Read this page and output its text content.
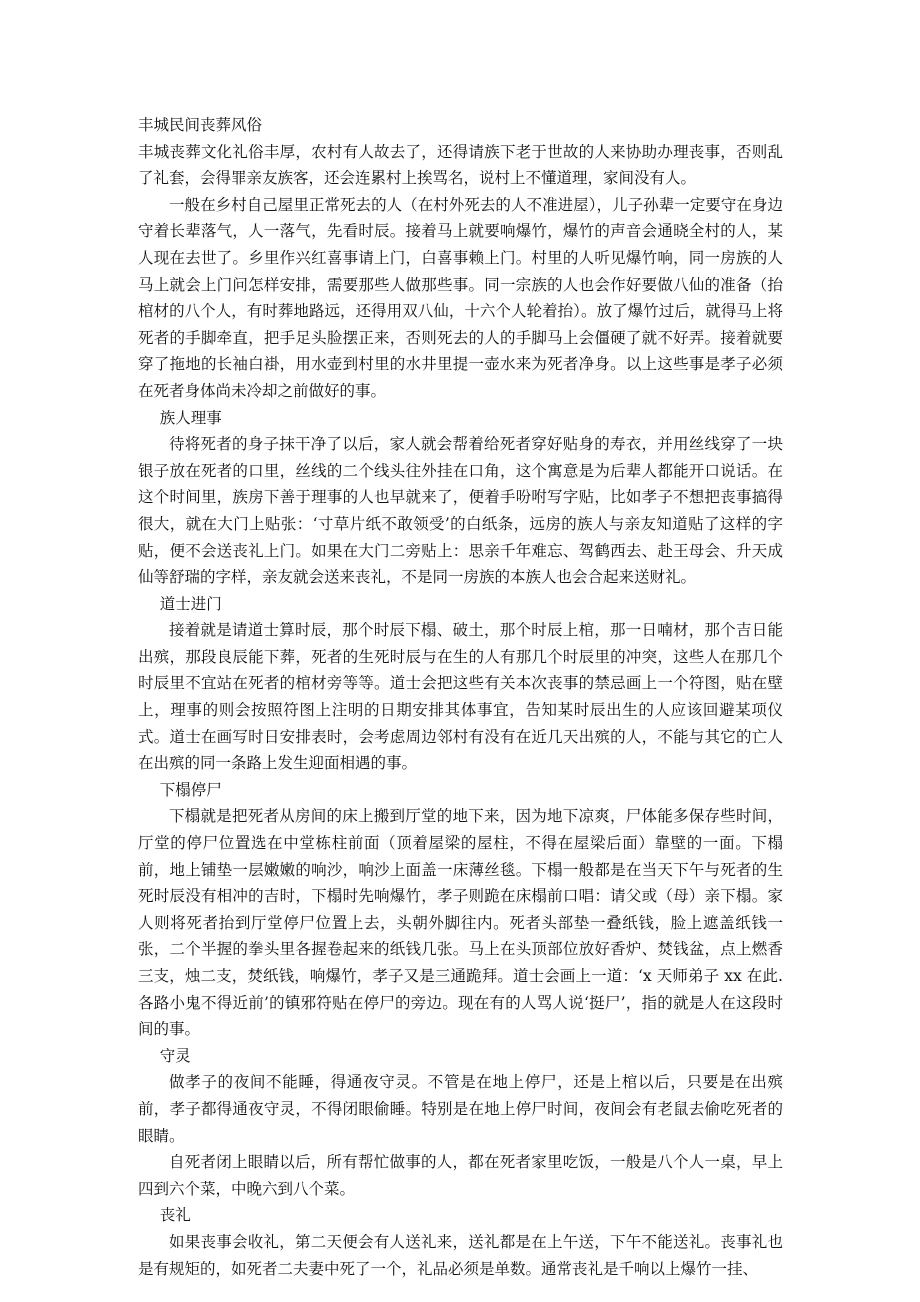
丰城民间丧葬风俗

丰城丧葬文化礼俗丰厚，农村有人故去了，还得请族下老于世故的人来协助办理丧事，否则乱了礼套，会得罪亲友族客，还会连累村上挨骂名，说村上不懂道理，家间没有人。

一般在乡村自己屋里正常死去的人（在村外死去的人不准进屋），儿子孙辈一定要守在身边守着长辈落气，人一落气，先看时辰。接着马上就要响爆竹，爆竹的声音会通晓全村的人，某人现在去世了。乡里作兴红喜事请上门，白喜事赖上门。村里的人听见爆竹响，同一房族的人马上就会上门问怎样安排，需要那些人做那些事。同一宗族的人也会作好要做八仙的准备（抬棺材的八个人，有时葬地路远，还得用双八仙，十六个人轮着抬）。放了爆竹过后，就得马上将死者的手脚牵直，把手足头脸摆正来，否则死去的人的手脚马上会僵硬了就不好弄。接着就要穿了拖地的长袖白褂，用水壶到村里的水井里提一壶水来为死者净身。以上这些事是孝子必须在死者身体尚未冷却之前做好的事。

族人理事

待将死者的身子抹干净了以后，家人就会帮着给死者穿好贴身的寿衣，并用丝线穿了一块银子放在死者的口里，丝线的二个线头往外挂在口角，这个寓意是为后辈人都能开口说话。在这个时间里，族房下善于理事的人也早就来了，便着手吩咐写字贴，比如孝子不想把丧事搞得很大，就在大门上贴张：‘寸草片纸不敢领受’的白纸条，远房的族人与亲友知道贴了这样的字贴，便不会送丧礼上门。如果在大门二旁贴上：思亲千年难忘、驾鹤西去、赴王母会、升天成仙等舒瑞的字样，亲友就会送来丧礼，不是同一房族的本族人也会合起来送财礼。

道士进门

接着就是请道士算时辰，那个时辰下榻、破土，那个时辰上棺，那一日喃材，那个吉日能出殡，那段良辰能下葬，死者的生死时辰与在生的人有那几个时辰里的冲突，这些人在那几个时辰里不宜站在死者的棺材旁等等。道士会把这些有关本次丧事的禁忌画上一个符图，贴在壁上，理事的则会按照符图上注明的日期安排其体事宜，告知某时辰出生的人应该回避某项仪式。道士在画写时日安排表时，会考虑周边邻村有没有在近几天出殡的人，不能与其它的亡人在出殡的同一条路上发生迎面相遇的事。

下榻停尸

下榻就是把死者从房间的床上搬到厅堂的地下来，因为地下凉爽，尸体能多保存些时间，厅堂的停尸位置选在中堂栋柱前面（顶着屋梁的屋柱，不得在屋梁后面）靠壁的一面。下榻前，地上铺垫一层嫩嫩的响沙，响沙上面盖一床薄丝毯。下榻一般都是在当天下午与死者的生死时辰没有相冲的吉时，下榻时先响爆竹，孝子则跪在床榻前口唱：请父或（母）亲下榻。家人则将死者抬到厅堂停尸位置上去，头朝外脚往内。死者头部垫一叠纸钱，脸上遮盖纸钱一张，二个半握的拳头里各握卷起来的纸钱几张。马上在头顶部位放好香炉、焚钱盆，点上燃香三支，烛二支，焚纸钱，响爆竹，孝子又是三通跪拜。道士会画上一道：‘x 天师弟子 xx 在此.各路小鬼不得近前’的镇邪符贴在停尸的旁边。现在有的人骂人说‘挺尸’，指的就是人在这段时间的事。

守灵

做孝子的夜间不能睡，得通夜守灵。不管是在地上停尸，还是上棺以后，只要是在出殡前，孝子都得通夜守灵，不得闭眼偷睡。特别是在地上停尸时间，夜间会有老鼠去偷吃死者的眼睛。

自死者闭上眼睛以后，所有帮忙做事的人，都在死者家里吃饭，一般是八个人一桌，早上四到六个菜，中晚六到八个菜。

丧礼

如果丧事会收礼，第二天便会有人送礼来，送礼都是在上午送，下午不能送礼。丧事礼也是有规矩的，如死者二夫妻中死了一个，礼品必须是单数。通常丧礼是千响以上爆竹一挂、
